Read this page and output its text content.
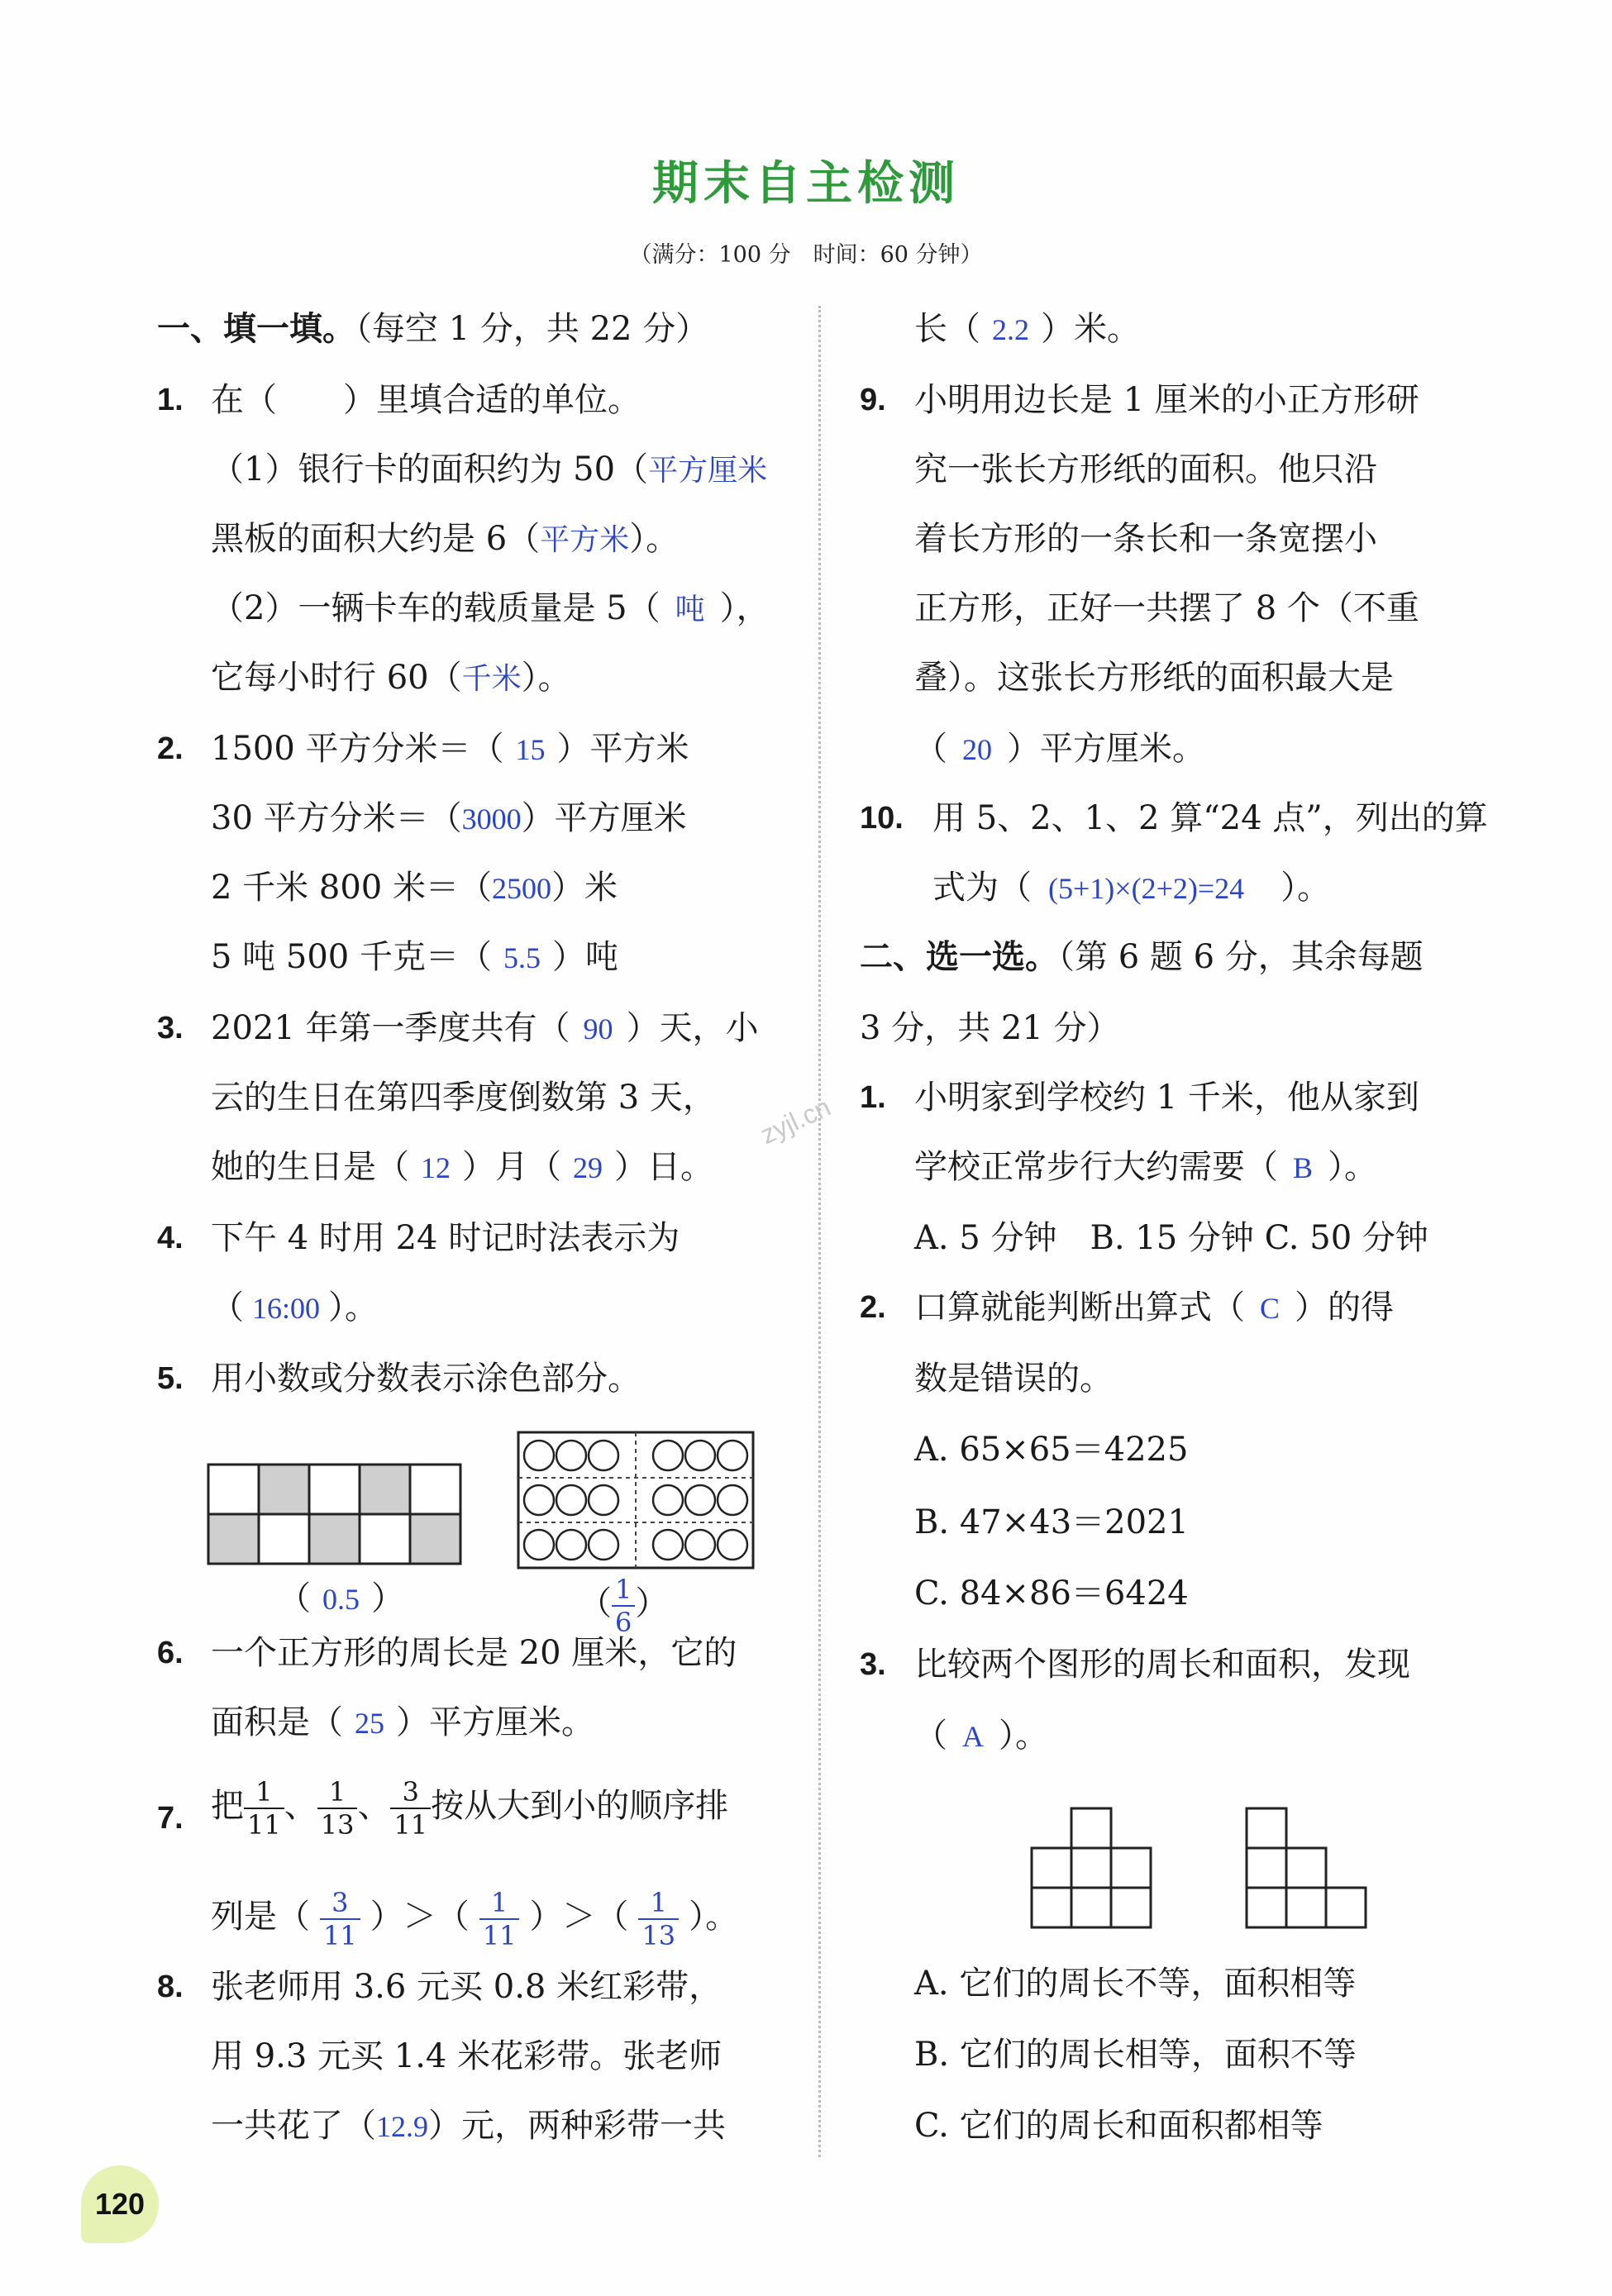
期末自主检测
（满分：100 分　时间：60 分钟）
zyjl.cn
一、填一填。（每空 1 分，共 22 分）
1. 在（　　）里填合适的单位。
（1）银行卡的面积约为 50（平方厘米
黑板的面积大约是 6（平方米）。
（2）一辆卡车的载质量是 5（ 吨 ），
它每小时行 60（千米）。
2. 1500 平方分米＝（ 15 ）平方米
30 平方分米＝（3000）平方厘米
2 千米 800 米＝（2500）米
5 吨 500 千克＝（ 5.5 ）吨
3. 2021 年第一季度共有（ 90 ）天，小
云的生日在第四季度倒数第 3 天，
她的生日是（ 12 ）月（ 29 ）日。
4. 下午 4 时用 24 时记时法表示为
（ 16:00 ）。
5. 用小数或分数表示涂色部分。
（ 0.5 ）	（ $\frac{1}{6}$ ）
6. 一个正方形的周长是 20 厘米，它的
面积是（ 25 ）平方厘米。
7. 把 $\frac{1}{11}$ 、 $\frac{1}{13}$ 、 $\frac{3}{11}$ 按从大到小的顺序排
列是（ $\frac{3}{11}$ ）＞（ $\frac{1}{11}$ ）＞（ $\frac{1}{13}$ ）。
8. 张老师用 3.6 元买 0.8 米红彩带，
用 9.3 元买 1.4 米花彩带。张老师
一共花了（12.9）元，两种彩带一共
长（ 2.2 ）米。
9. 小明用边长是 1 厘米的小正方形研
究一张长方形纸的面积。他只沿
着长方形的一条长和一条宽摆小
正方形，正好一共摆了 8 个（不重
叠）。这张长方形纸的面积最大是
（ 20 ）平方厘米。
10. 用 5、2、1、2 算“24 点”，列出的算
式为（ (5+1)×(2+2)=24 ）。
二、选一选。（第 6 题 6 分，其余每题
3 分，共 21 分）
1. 小明家到学校约 1 千米，他从家到
学校正常步行大约需要（ B ）。
A. 5 分钟　B. 15 分钟 C. 50 分钟
2. 口算就能判断出算式（ C ）的得
数是错误的。
A. 65×65＝4225
B. 47×43＝2021
C. 84×86＝6424
3. 比较两个图形的周长和面积，发现
（ A ）。
A. 它们的周长不等，面积相等
B. 它们的周长相等，面积不等
C. 它们的周长和面积都相等
120
